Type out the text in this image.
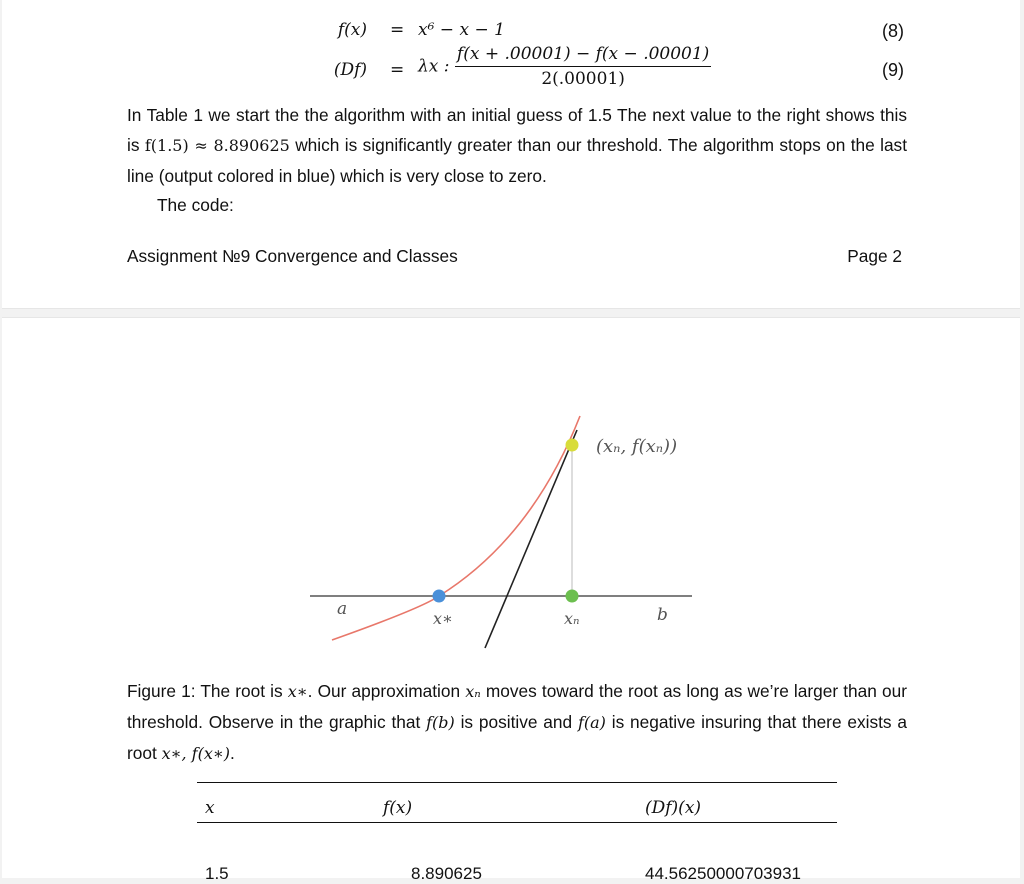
f(x) = x⁶ − x − 1	(8)
(Df) = λx : $\frac{f(x + .00001) - f(x - .00001)}{2(.00001)}$	(9)
In Table 1 we start the the algorithm with an initial guess of 1.5 The next value to the right shows this is f(1.5) ≈ 8.890625 which is significantly greater than our threshold. The algorithm stops on the last line (output colored in blue) which is very close to zero.
The code:
Assignment №9 Convergence and Classes	Page 2
(xₙ, f(xₙ))
a	x∗	xₙ	b
Figure 1: The root is x∗. Our approximation xₙ moves toward the root as long as we’re larger than our threshold. Observe in the graphic that f(b) is positive and f(a) is negative insuring that there exists a root x∗, f(x∗).
x	f(x)	(Df)(x)
1.5	8.890625	44.56250000703931
